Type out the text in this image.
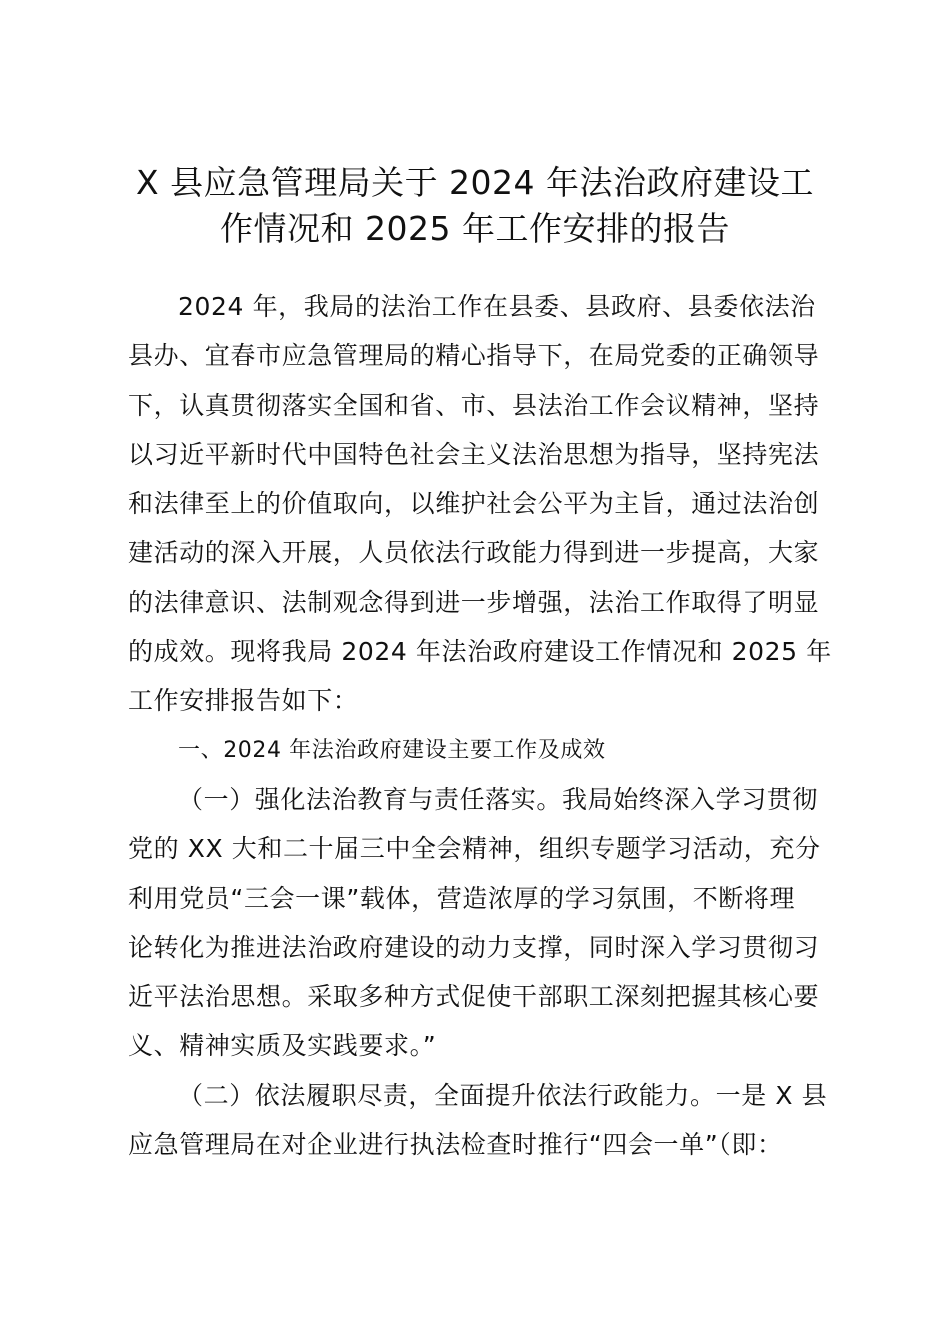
X 县应急管理局关于 2024 年法治政府建设工
作情况和 2025 年工作安排的报告
2024 年，我局的法治工作在县委、县政府、县委依法治
县办、宜春市应急管理局的精心指导下，在局党委的正确领导
下，认真贯彻落实全国和省、市、县法治工作会议精神，坚持
以习近平新时代中国特色社会主义法治思想为指导，坚持宪法
和法律至上的价值取向，以维护社会公平为主旨，通过法治创
建活动的深入开展，人员依法行政能力得到进一步提高，大家
的法律意识、法制观念得到进一步增强，法治工作取得了明显
的成效。现将我局 2024 年法治政府建设工作情况和 2025 年
工作安排报告如下：
一、2024 年法治政府建设主要工作及成效
（一）强化法治教育与责任落实。我局始终深入学习贯彻
党的 XX 大和二十届三中全会精神，组织专题学习活动，充分
利用党员“三会一课”载体，营造浓厚的学习氛围，不断将理
论转化为推进法治政府建设的动力支撑，同时深入学习贯彻习
近平法治思想。采取多种方式促使干部职工深刻把握其核心要
义、精神实质及实践要求。”
（二）依法履职尽责，全面提升依法行政能力。一是 X 县
应急管理局在对企业进行执法检查时推行“四会一单”（即：
